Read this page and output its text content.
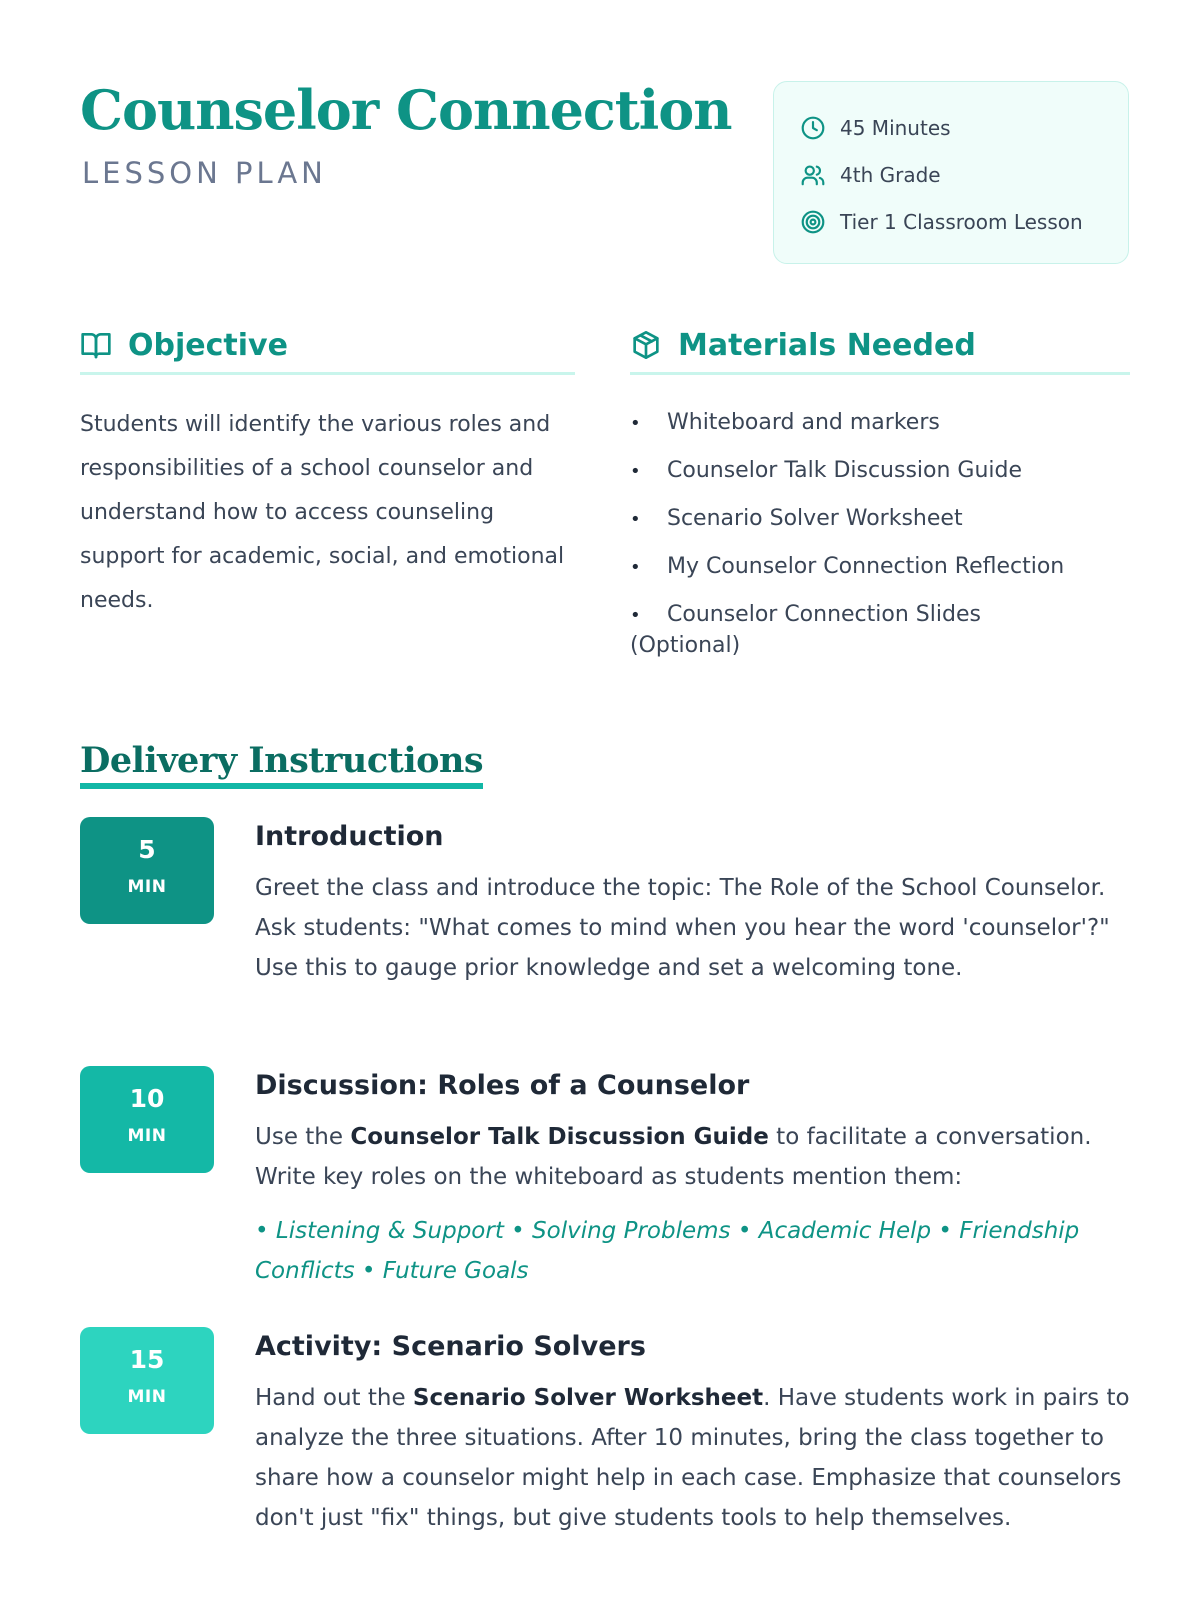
Counselor Connection
LESSON PLAN
45 Minutes
4th Grade
Tier 1 Classroom Lesson
Objective

Students will identify the various roles and responsibilities of a school counselor and understand how to access counseling support for academic, social, and emotional needs.

Materials Needed
• Whiteboard and markers
• Counselor Talk Discussion Guide
• Scenario Solver Worksheet
• My Counselor Connection Reflection
• Counselor Connection Slides
(Optional)
Delivery Instructions
5
MIN
Introduction

Greet the class and introduce the topic: The Role of the School Counselor. Ask students: "What comes to mind when you hear the word 'counselor'?" Use this to gauge prior knowledge and set a welcoming tone.

10
MIN
Discussion: Roles of a Counselor

Use the Counselor Talk Discussion Guide to facilitate a conversation. Write key roles on the whiteboard as students mention them:

• Listening & Support • Solving Problems • Academic Help • Friendship Conflicts • Future Goals

15
MIN
Activity: Scenario Solvers

Hand out the Scenario Solver Worksheet. Have students work in pairs to analyze the three situations. After 10 minutes, bring the class together to share how a counselor might help in each case. Emphasize that counselors don't just "fix" things, but give students tools to help themselves.
